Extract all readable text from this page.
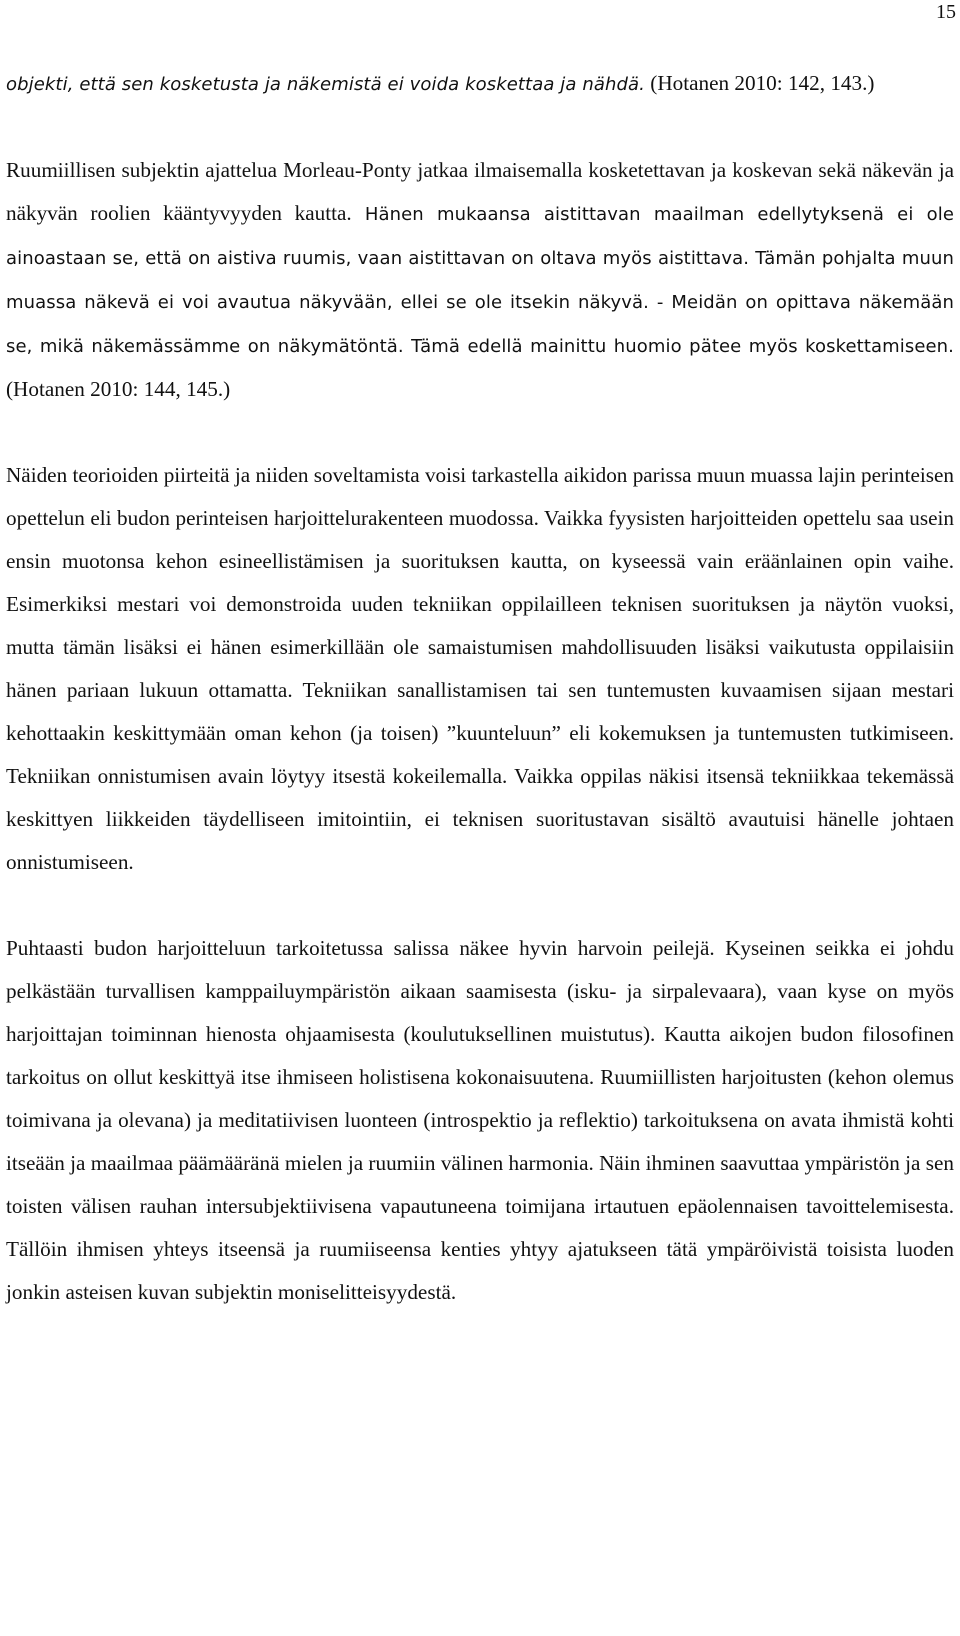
15

objekti, että sen kosketusta ja näkemistä ei voida koskettaa ja nähdä. (Hotanen 2010: 142, 143.)

Ruumiillisen subjektin ajattelua Morleau-Ponty jatkaa ilmaisemalla kosketettavan ja koskevan sekä näkevän ja näkyvän roolien kääntyvyyden kautta. Hänen mukaansa aistittavan maailman edellytyksenä ei ole ainoastaan se, että on aistiva ruumis, vaan aistittavan on oltava myös aistittava. Tämän pohjalta muun muassa näkevä ei voi avautua näkyvään, ellei se ole itsekin näkyvä. - Meidän on opittava näkemään se, mikä näkemässämme on näkymätöntä. Tämä edellä mainittu huomio pätee myös koskettamiseen. (Hotanen 2010: 144, 145.)

Näiden teorioiden piirteitä ja niiden soveltamista voisi tarkastella aikidon parissa muun muassa lajin perinteisen opettelun eli budon perinteisen harjoittelurakenteen muodossa. Vaikka fyysisten harjoitteiden opettelu saa usein ensin muotonsa kehon esineellistämisen ja suorituksen kautta, on kyseessä vain eräänlainen opin vaihe. Esimerkiksi mestari voi demonstroida uuden tekniikan oppilailleen teknisen suorituksen ja näytön vuoksi, mutta tämän lisäksi ei hänen esimerkillään ole samaistumisen mahdollisuuden lisäksi vaikutusta oppilaisiin hänen pariaan lukuun ottamatta. Tekniikan sanallistamisen tai sen tuntemusten kuvaamisen sijaan mestari kehottaakin keskittymään oman kehon (ja toisen) ”kuunteluun” eli kokemuksen ja tuntemusten tutkimiseen. Tekniikan onnistumisen avain löytyy itsestä kokeilemalla. Vaikka oppilas näkisi itsensä tekniikkaa tekemässä keskittyen liikkeiden täydelliseen imitointiin, ei teknisen suoritustavan sisältö avautuisi hänelle johtaen onnistumiseen.

Puhtaasti budon harjoitteluun tarkoitetussa salissa näkee hyvin harvoin peilejä. Kyseinen seikka ei johdu pelkästään turvallisen kamppailuympäristön aikaan saamisesta (isku- ja sirpalevaara), vaan kyse on myös harjoittajan toiminnan hienosta ohjaamisesta (koulutuksellinen muistutus). Kautta aikojen budon filosofinen tarkoitus on ollut keskittyä itse ihmiseen holistisena kokonaisuutena. Ruumiillisten harjoitusten (kehon olemus toimivana ja olevana) ja meditatiivisen luonteen (introspektio ja reflektio) tarkoituksena on avata ihmistä kohti itseään ja maailmaa päämääränä mielen ja ruumiin välinen harmonia. Näin ihminen saavuttaa ympäristön ja sen toisten välisen rauhan intersubjektiivisena vapautuneena toimijana irtautuen epäolennaisen tavoittelemisesta. Tällöin ihmisen yhteys itseensä ja ruumiiseensa kenties yhtyy ajatukseen tätä ympäröivistä toisista luoden jonkin asteisen kuvan subjektin moniselitteisyydestä.
